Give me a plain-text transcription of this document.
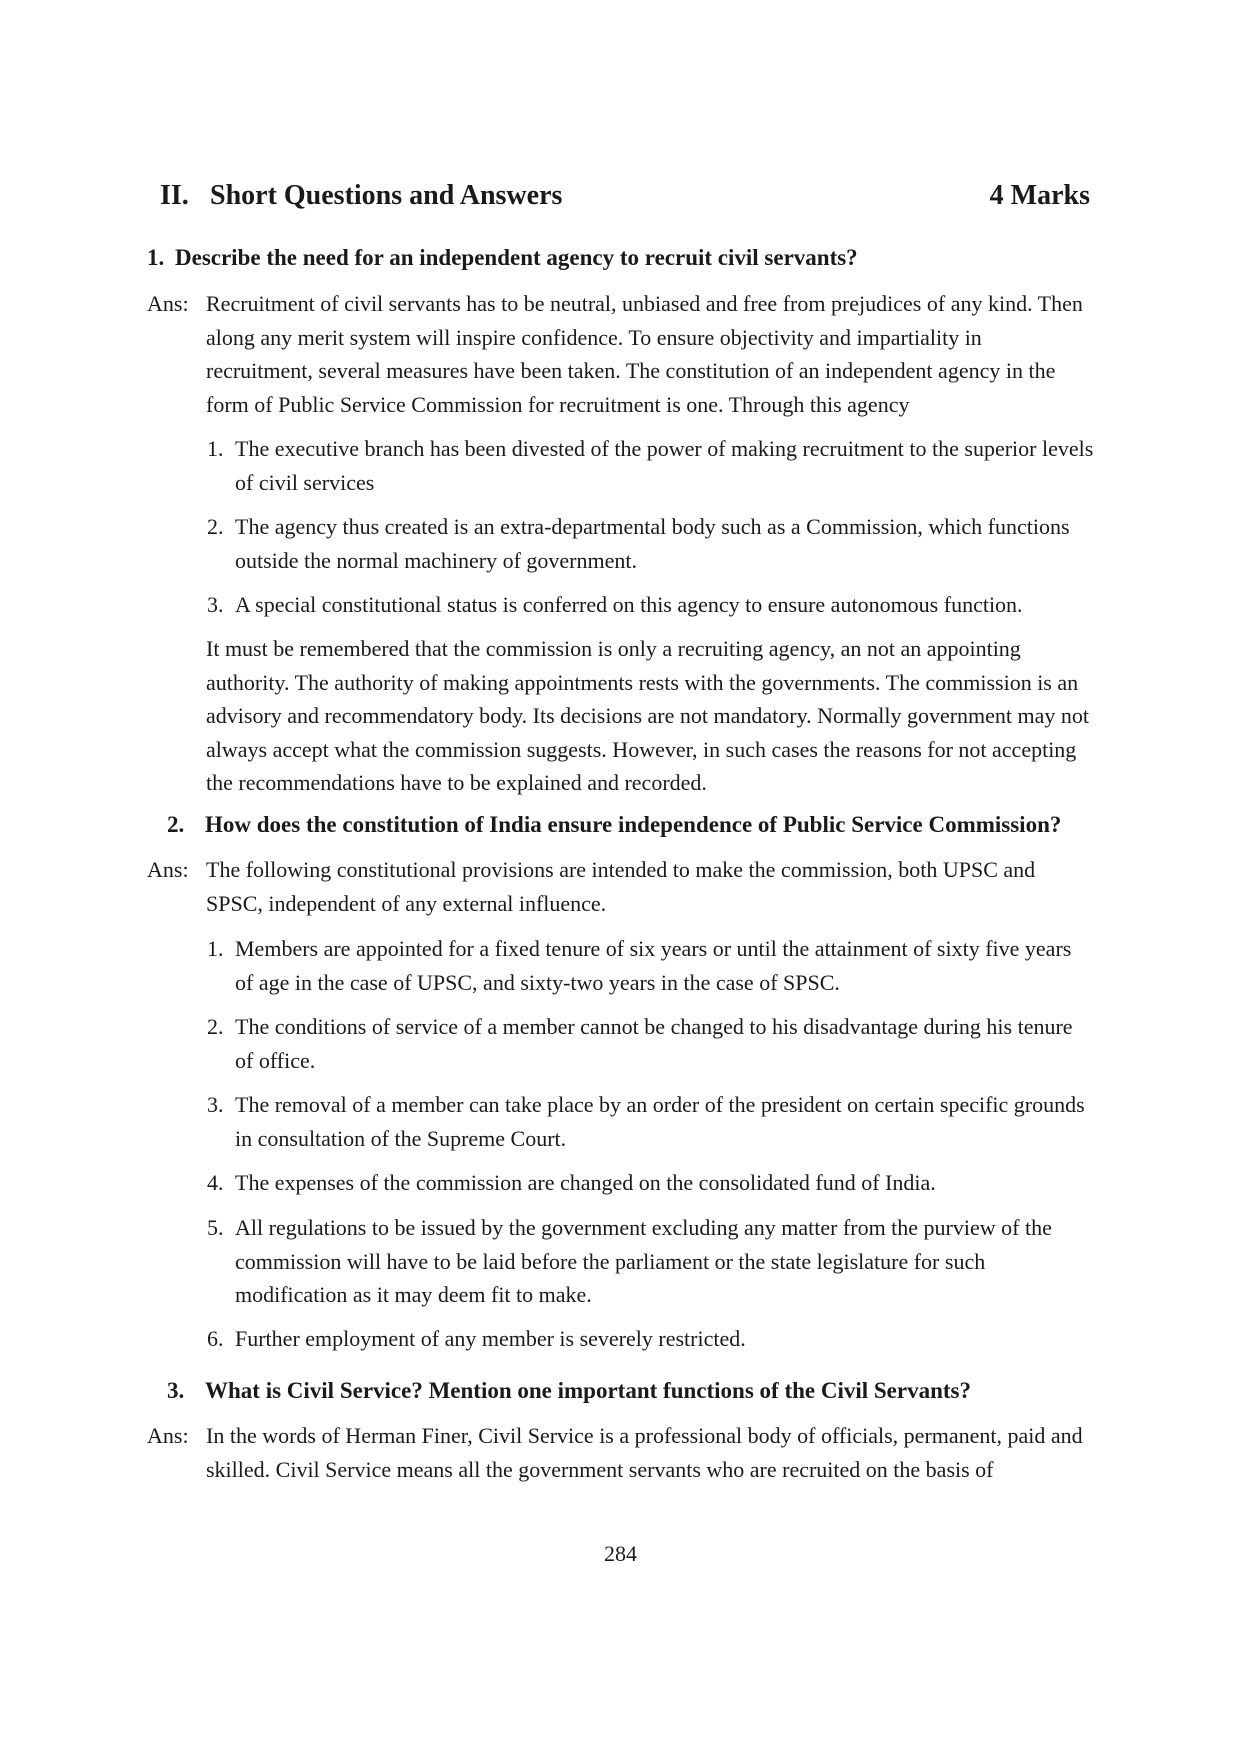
II. Short Questions and Answers	4 Marks
1. Describe the need for an independent agency to recruit civil servants?
Ans: Recruitment of civil servants has to be neutral, unbiased and free from prejudices of any kind. Then along any merit system will inspire confidence. To ensure objectivity and impartiality in recruitment, several measures have been taken. The constitution of an independent agency in the form of Public Service Commission for recruitment is one. Through this agency
1. The executive branch has been divested of the power of making recruitment to the superior levels of civil services
2. The agency thus created is an extra-departmental body such as a Commission, which functions outside the normal machinery of government.
3. A special constitutional status is conferred on this agency to ensure autonomous function.
It must be remembered that the commission is only a recruiting agency, an not an appointing authority. The authority of making appointments rests with the governments. The commission is an advisory and recommendatory body. Its decisions are not mandatory. Normally government may not always accept what the commission suggests. However, in such cases the reasons for not accepting the recommendations have to be explained and recorded.
2. How does the constitution of India ensure independence of Public Service Commission?
Ans: The following constitutional provisions are intended to make the commission, both UPSC and SPSC, independent of any external influence.
1. Members are appointed for a fixed tenure of six years or until the attainment of sixty five years of age in the case of UPSC, and sixty-two years in the case of SPSC.
2. The conditions of service of a member cannot be changed to his disadvantage during his tenure of office.
3. The removal of a member can take place by an order of the president on certain specific grounds in consultation of the Supreme Court.
4. The expenses of the commission are changed on the consolidated fund of India.
5. All regulations to be issued by the government excluding any matter from the purview of the commission will have to be laid before the parliament or the state legislature for such modification as it may deem fit to make.
6. Further employment of any member is severely restricted.
3. What is Civil Service? Mention one important functions of the Civil Servants?
Ans: In the words of Herman Finer, Civil Service is a professional body of officials, permanent, paid and skilled. Civil Service means all the government servants who are recruited on the basis of
284
